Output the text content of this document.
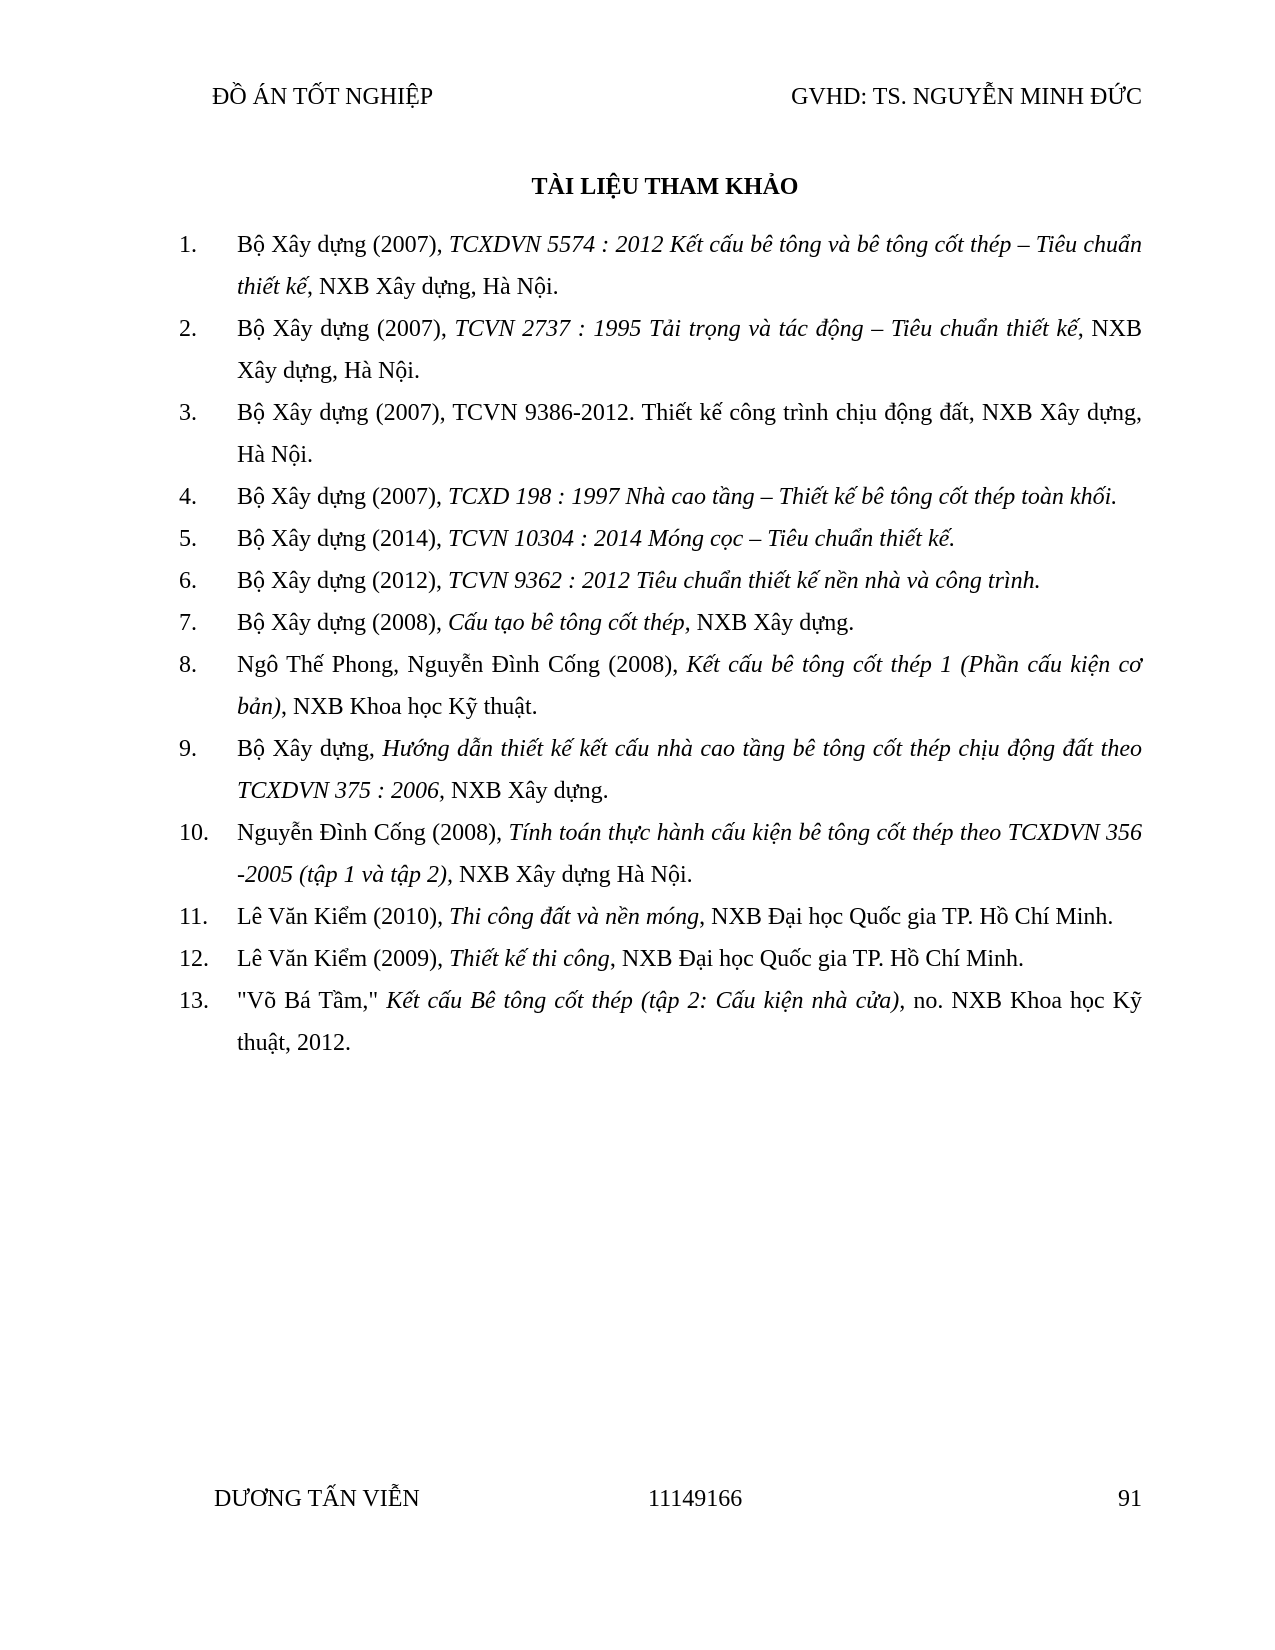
ĐỒ ÁN TỐT NGHIỆP	GVHD: TS. NGUYỄN MINH ĐỨC
TÀI LIỆU THAM KHẢO
1. Bộ Xây dựng (2007), TCXDVN 5574 : 2012 Kết cấu bê tông và bê tông cốt thép – Tiêu chuẩn thiết kế, NXB Xây dựng, Hà Nội.
2. Bộ Xây dựng (2007), TCVN 2737 : 1995 Tải trọng và tác động – Tiêu chuẩn thiết kế, NXB Xây dựng, Hà Nội.
3. Bộ Xây dựng (2007), TCVN 9386-2012. Thiết kế công trình chịu động đất, NXB Xây dựng, Hà Nội.
4. Bộ Xây dựng (2007), TCXD 198 : 1997 Nhà cao tầng – Thiết kế bê tông cốt thép toàn khối.
5. Bộ Xây dựng (2014), TCVN 10304 : 2014 Móng cọc – Tiêu chuẩn thiết kế.
6. Bộ Xây dựng (2012), TCVN 9362 : 2012 Tiêu chuẩn thiết kế nền nhà và công trình.
7. Bộ Xây dựng (2008), Cấu tạo bê tông cốt thép, NXB Xây dựng.
8. Ngô Thế Phong, Nguyễn Đình Cống (2008), Kết cấu bê tông cốt thép 1 (Phần cấu kiện cơ bản), NXB Khoa học Kỹ thuật.
9. Bộ Xây dựng, Hướng dẫn thiết kế kết cấu nhà cao tầng bê tông cốt thép chịu động đất theo TCXDVN 375 : 2006, NXB Xây dựng.
10. Nguyễn Đình Cống (2008), Tính toán thực hành cấu kiện bê tông cốt thép theo TCXDVN 356 -2005 (tập 1 và tập 2), NXB Xây dựng Hà Nội.
11. Lê Văn Kiểm (2010), Thi công đất và nền móng, NXB Đại học Quốc gia TP. Hồ Chí Minh.
12. Lê Văn Kiểm (2009), Thiết kế thi công, NXB Đại học Quốc gia TP. Hồ Chí Minh.
13. "Võ Bá Tầm," Kết cấu Bê tông cốt thép (tập 2: Cấu kiện nhà cửa), no. NXB Khoa học Kỹ thuật, 2012.
DƯƠNG TẤN VIỄN	11149166	91
